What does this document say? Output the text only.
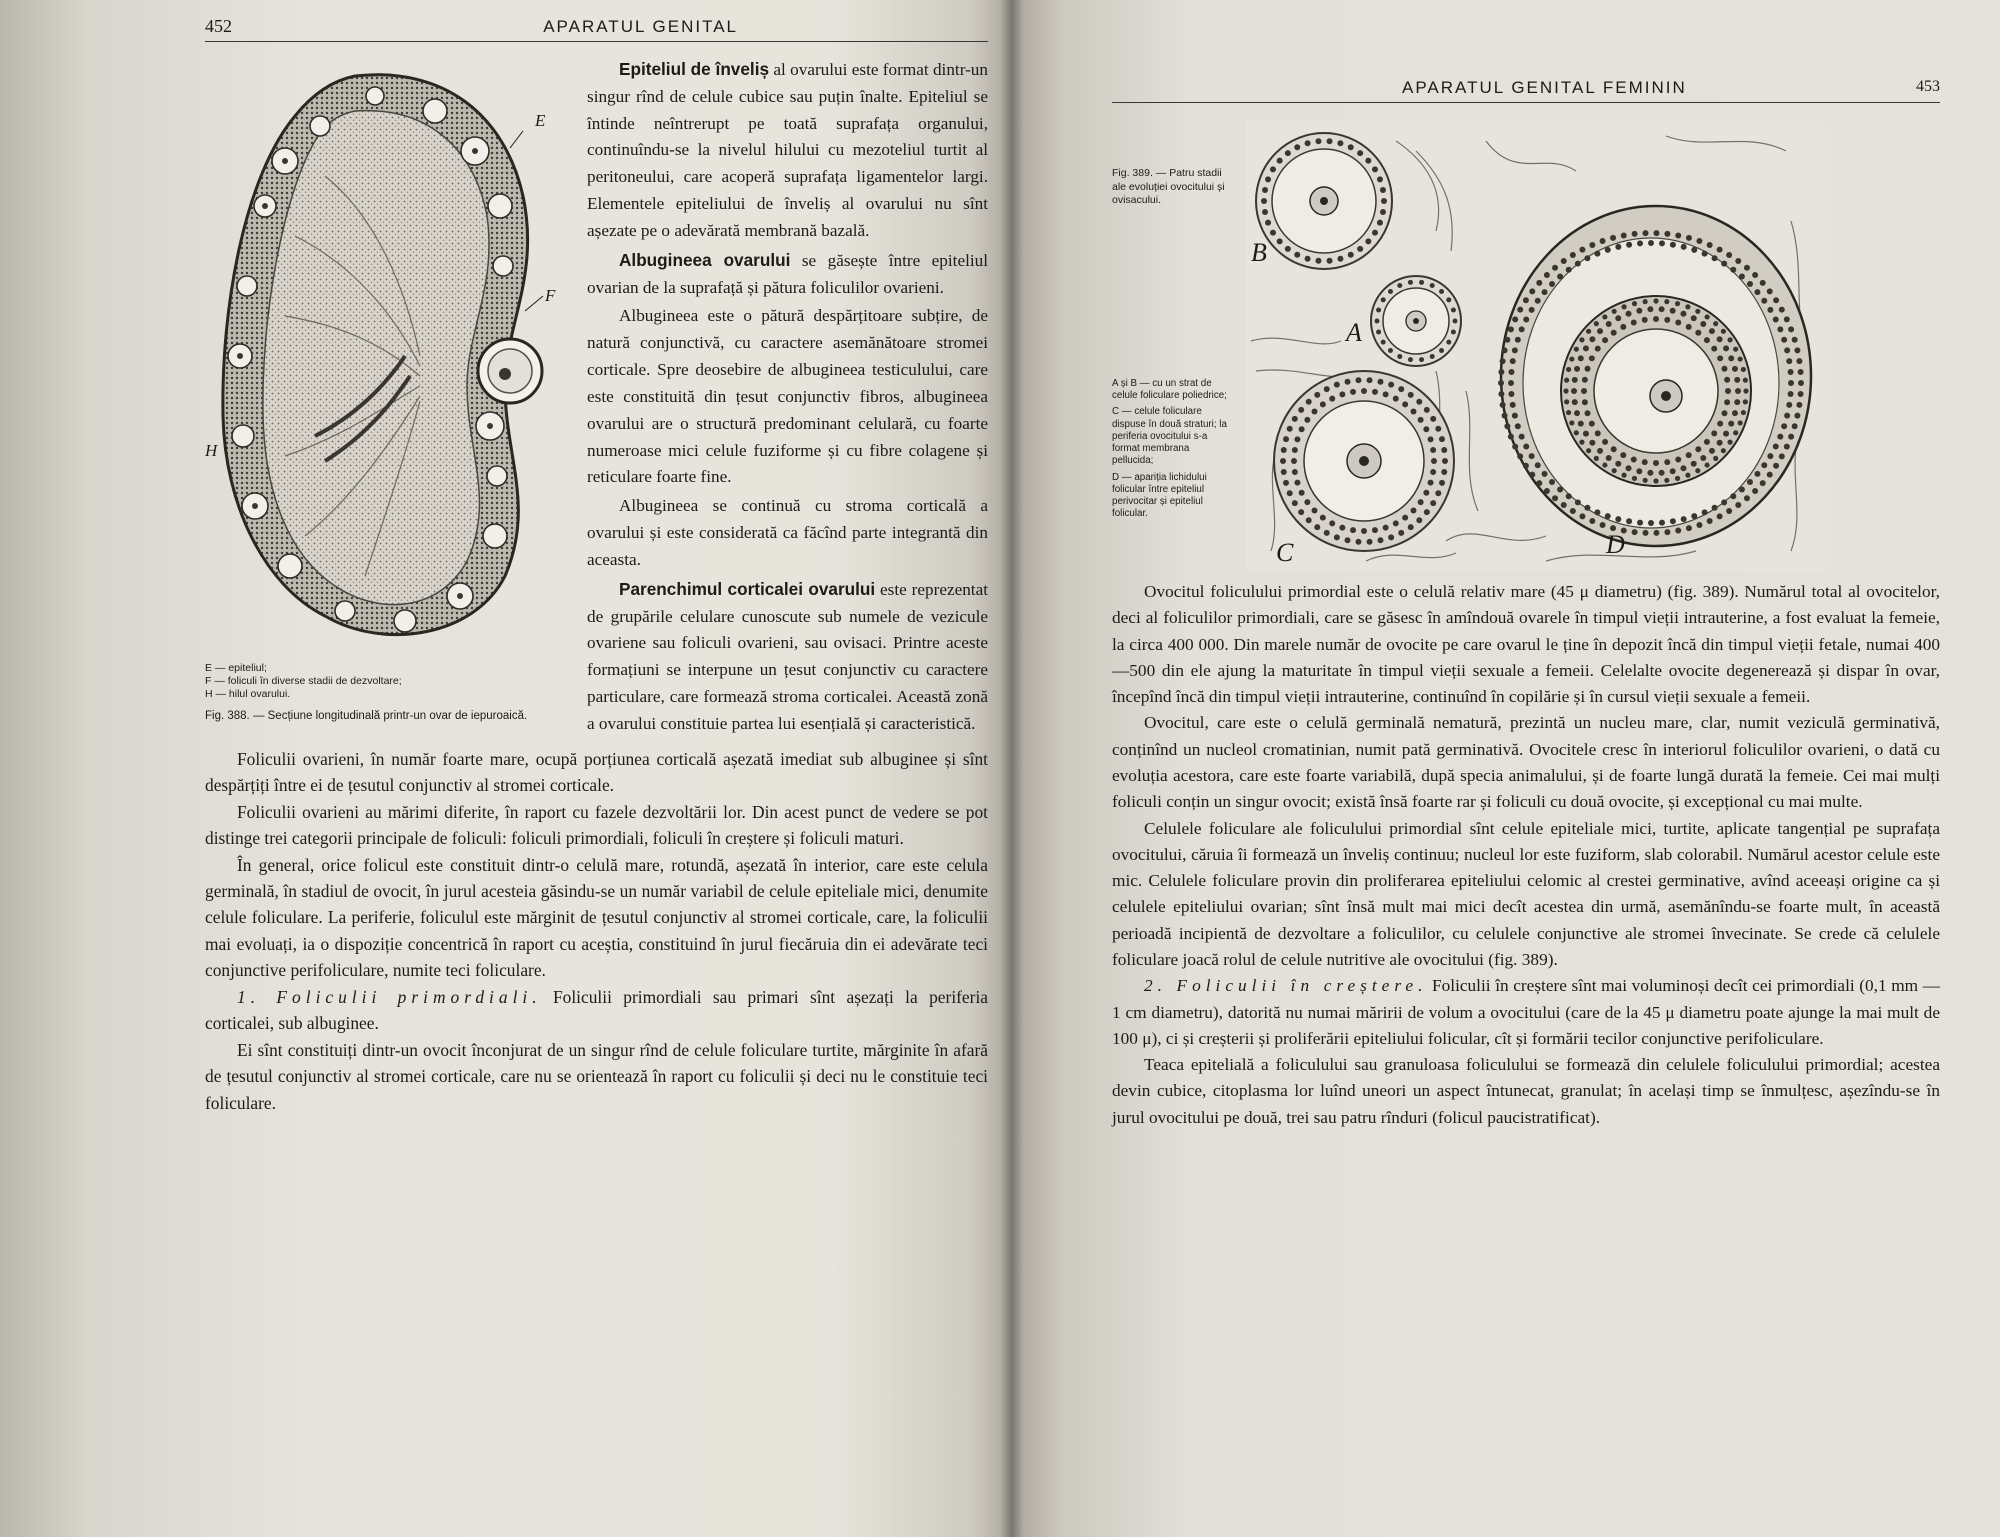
452	APARATUL GENITAL
E
F
H
E — epiteliul;
F — foliculi în diverse stadii de dezvoltare;
H — hilul ovarului.
Fig. 388. — Secțiune longitudinală printr-un ovar de iepuroaică.

Epiteliul de înveliș al ovarului este format dintr-un singur rînd de celule cubice sau puțin înalte. Epiteliul se întinde neîntrerupt pe toată suprafața organului, continuîndu-se la nivelul hilului cu mezoteliul turtit al peritoneului, care acoperă suprafața ligamentelor largi. Elementele epiteliului de înveliș al ovarului nu sînt așezate pe o adevărată membrană bazală.

Albugineea ovarului se găsește între epiteliul ovarian de la suprafață și pătura foliculilor ovarieni.

Albugineea este o pătură despărțitoare subțire, de natură conjunctivă, cu caractere asemănătoare stromei corticale. Spre deosebire de albugineea testiculului, care este constituită din țesut conjunctiv fibros, albugineea ovarului are o structură predominant celulară, cu foarte numeroase mici celule fuziforme și cu fibre colagene și reticulare foarte fine.

Albugineea se continuă cu stroma corticală a ovarului și este considerată ca făcînd parte integrantă din aceasta.

Parenchimul corticalei ovarului este reprezentat de grupările celulare cunoscute sub numele de vezicule ovariene sau foliculi ovarieni, sau ovisaci. Printre aceste formațiuni se interpune un țesut conjunctiv cu caractere particulare, care formează stroma corticalei. Această zonă a ovarului constituie partea lui esențială și caracteristică.

Foliculii ovarieni, în număr foarte mare, ocupă porțiunea corticală așezată imediat sub albuginee și sînt despărțiți între ei de țesutul conjunctiv al stromei corticale.

Foliculii ovarieni au mărimi diferite, în raport cu fazele dezvoltării lor. Din acest punct de vedere se pot distinge trei categorii principale de foliculi: foliculi primordiali, foliculi în creștere și foliculi maturi.

În general, orice folicul este constituit dintr-o celulă mare, rotundă, așezată în interior, care este celula germinală, în stadiul de ovocit, în jurul acesteia găsindu-se un număr variabil de celule epiteliale mici, denumite celule foliculare. La periferie, foliculul este mărginit de țesutul conjunctiv al stromei corticale, care, la foliculii mai evoluați, ia o dispoziție concentrică în raport cu aceștia, constituind în jurul fiecăruia din ei adevărate teci conjunctive perifoliculare, numite teci foliculare.

1. Foliculii primordiali. Foliculii primordiali sau primari sînt așezați la periferia corticalei, sub albuginee.

Ei sînt constituiți dintr-un ovocit înconjurat de un singur rînd de celule foliculare turtite, mărginite în afară de țesutul conjunctiv al stromei corticale, care nu se orientează în raport cu foliculii și deci nu le constituie teci foliculare.

APARATUL GENITAL FEMININ	453
Fig. 389. — Patru stadii ale evoluției ovocitului și ovisacului.
A și B — cu un strat de celule foliculare poliedrice;
C — celule foliculare dispuse în două straturi; la periferia ovocitului s-a format membrana pellucida;
D — apariția lichidului folicular între epiteliul perivocitar și epiteliul folicular.
B
A
C	D

Ovocitul foliculului primordial este o celulă relativ mare (45 μ diametru) (fig. 389). Numărul total al ovocitelor, deci al foliculilor primordiali, care se găsesc în amîndouă ovarele în timpul vieții intrauterine, a fost evaluat la femeie, la circa 400 000. Din marele număr de ovocite pe care ovarul le ține în depozit încă din timpul vieții fetale, numai 400—500 din ele ajung la maturitate în timpul vieții sexuale a femeii. Celelalte ovocite degenerează și dispar în ovar, începînd încă din timpul vieții intrauterine, continuînd în copilărie și în cursul vieții sexuale a femeii.

Ovocitul, care este o celulă germinală nematură, prezintă un nucleu mare, clar, numit veziculă germinativă, conținînd un nucleol cromatinian, numit pată germinativă. Ovocitele cresc în interiorul foliculilor ovarieni, o dată cu evoluția acestora, care este foarte variabilă, după specia animalului, și de foarte lungă durată la femeie. Cei mai mulți foliculi conțin un singur ovocit; există însă foarte rar și foliculi cu două ovocite, și excepțional cu mai multe.

Celulele foliculare ale foliculului primordial sînt celule epiteliale mici, turtite, aplicate tangențial pe suprafața ovocitului, căruia îi formează un înveliș continuu; nucleul lor este fuziform, slab colorabil. Numărul acestor celule este mic. Celulele foliculare provin din proliferarea epiteliului celomic al crestei germinative, avînd aceeași origine ca și celulele epiteliului ovarian; sînt însă mult mai mici decît acestea din urmă, asemănîndu-se foarte mult, în această perioadă incipientă de dezvoltare a foliculilor, cu celulele conjunctive ale stromei învecinate. Se crede că celulele foliculare joacă rolul de celule nutritive ale ovocitului (fig. 389).

2. Foliculii în creștere. Foliculii în creștere sînt mai voluminoși decît cei primordiali (0,1 mm — 1 cm diametru), datorită nu numai măririi de volum a ovocitului (care de la 45 μ diametru poate ajunge la mai mult de 100 μ), ci și creșterii și proliferării epiteliului folicular, cît și formării tecilor conjunctive perifoliculare.

Teaca epitelială a foliculului sau granuloasa foliculului se formează din celulele foliculului primordial; acestea devin cubice, citoplasma lor luînd uneori un aspect întunecat, granulat; în același timp se înmulțesc, așezîndu-se în jurul ovocitului pe două, trei sau patru rînduri (folicul paucistratificat).
